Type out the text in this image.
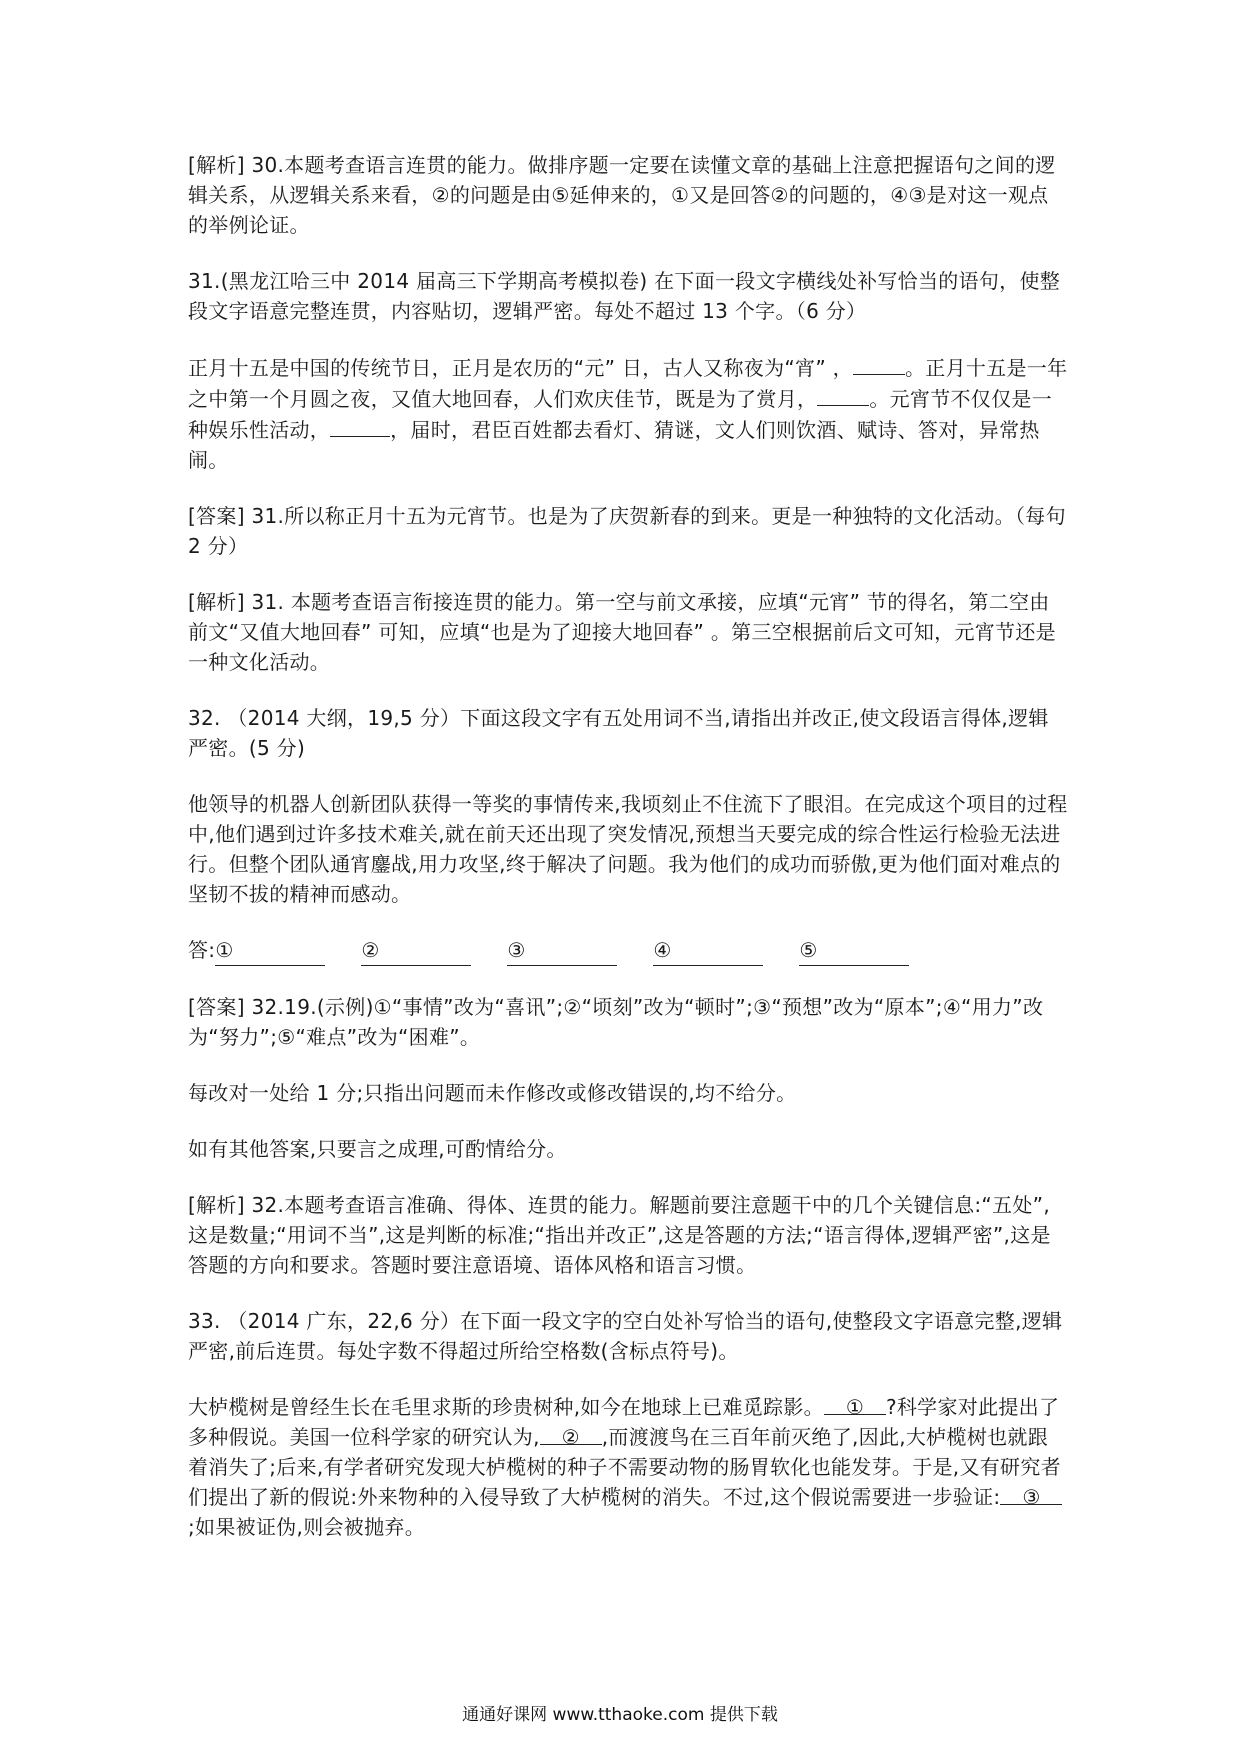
[解析] 30.本题考查语言连贯的能力。做排序题一定要在读懂文章的基础上注意把握语句之间的逻辑关系，从逻辑关系来看，②的问题是由⑤延伸来的，①又是回答②的问题的，④③是对这一观点的举例论证。

31.(黑龙江哈三中 2014 届高三下学期高考模拟卷) 在下面一段文字横线处补写恰当的语句，使整段文字语意完整连贯，内容贴切，逻辑严密。每处不超过 13 个字。（6 分）

正月十五是中国的传统节日，正月是农历的“元” 日，古人又称夜为“宵” ，	。正月十五是一年之中第一个月圆之夜，又值大地回春，人们欢庆佳节，既是为了赏月，	。元宵节不仅仅是一种娱乐性活动，	，届时，君臣百姓都去看灯、猜谜，文人们则饮酒、赋诗、答对，异常热闹。

[答案] 31.所以称正月十五为元宵节。也是为了庆贺新春的到来。更是一种独特的文化活动。（每句 2 分）

[解析] 31. 本题考查语言衔接连贯的能力。第一空与前文承接，应填“元宵” 节的得名，第二空由前文“又值大地回春” 可知，应填“也是为了迎接大地回春” 。第三空根据前后文可知，元宵节还是一种文化活动。

32. （2014 大纲，19,5 分）下面这段文字有五处用词不当,请指出并改正,使文段语言得体,逻辑严密。(5 分)

他领导的机器人创新团队获得一等奖的事情传来,我顷刻止不住流下了眼泪。在完成这个项目的过程中,他们遇到过许多技术难关,就在前天还出现了突发情况,预想当天要完成的综合性运行检验无法进行。但整个团队通宵鏖战,用力攻坚,终于解决了问题。我为他们的成功而骄傲,更为他们面对难点的坚韧不拔的精神而感动。

答: ①	②	③	④	⑤

[答案] 32.19.(示例)①“事情”改为“喜讯”;②“顷刻”改为“顿时”;③“预想”改为“原本”;④“用力”改为“努力”;⑤“难点”改为“困难”。

每改对一处给 1 分;只指出问题而未作修改或修改错误的,均不给分。

如有其他答案,只要言之成理,可酌情给分。

[解析] 32.本题考查语言准确、得体、连贯的能力。解题前要注意题干中的几个关键信息:“五处”,这是数量;“用词不当”,这是判断的标准;“指出并改正”,这是答题的方法;“语言得体,逻辑严密”,这是答题的方向和要求。答题时要注意语境、语体风格和语言习惯。

33. （2014 广东，22,6 分）在下面一段文字的空白处补写恰当的语句,使整段文字语意完整,逻辑严密,前后连贯。每处字数不得超过所给空格数(含标点符号)。

大栌榄树是曾经生长在毛里求斯的珍贵树种,如今在地球上已难觅踪影。 ① ?科学家对此提出了多种假说。美国一位科学家的研究认为, ② ,而渡渡鸟在三百年前灭绝了,因此,大栌榄树也就跟着消失了;后来,有学者研究发现大栌榄树的种子不需要动物的肠胃软化也能发芽。于是,又有研究者们提出了新的假说:外来物种的入侵导致了大栌榄树的消失。不过,这个假说需要进一步验证: ③;如果被证伪,则会被抛弃。

通通好课网 www.tthaoke.com 提供下载
